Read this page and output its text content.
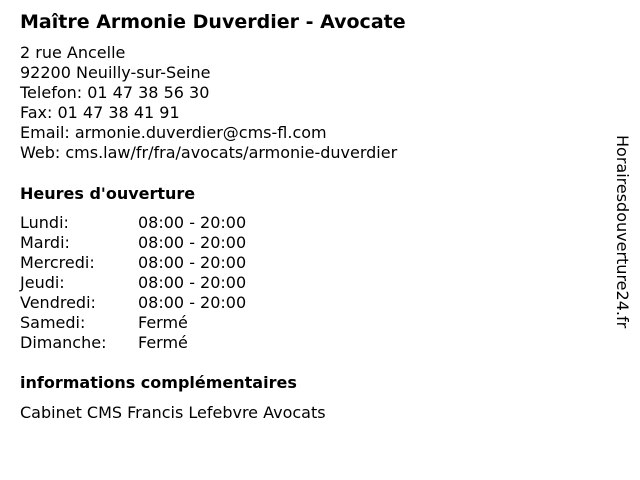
Maître Armonie Duverdier - Avocate
2 rue Ancelle
92200 Neuilly-sur-Seine
Telefon: 01 47 38 56 30
Fax: 01 47 38 41 91
Email: armonie.duverdier@cms-fl.com
Web: cms.law/fr/fra/avocats/armonie-duverdier
Heures d'ouverture
Lundi:	08:00 - 20:00
Mardi:	08:00 - 20:00
Mercredi:	08:00 - 20:00
Jeudi:	08:00 - 20:00
Vendredi:	08:00 - 20:00
Samedi:	Fermé
Dimanche:	Fermé
informations complémentaires
Cabinet CMS Francis Lefebvre Avocats
Horairesdouverture24.fr
